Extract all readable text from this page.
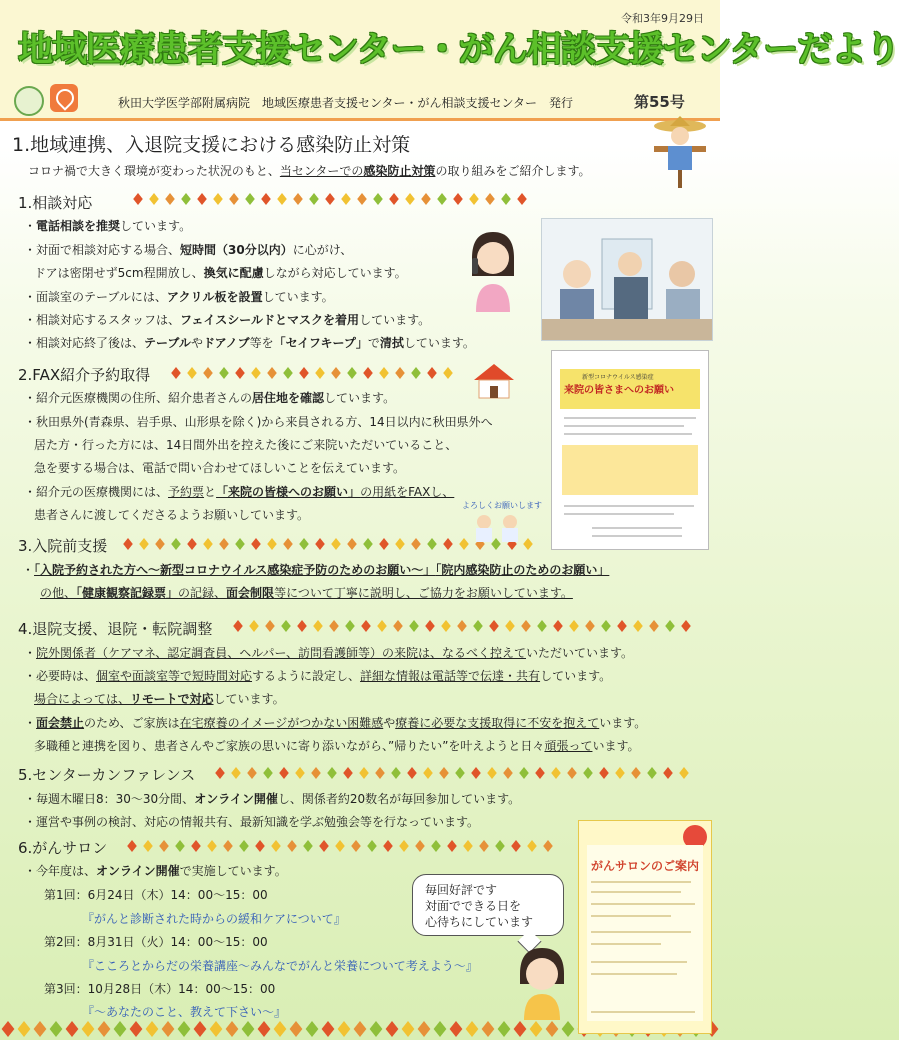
令和3年9月29日
地域医療患者支援センター・がん相談支援センターだより
秋田大学医学部附属病院　地域医療患者支援センター・がん相談支援センター　発行	第55号
1.地域連携、入退院支援における感染防止対策
コロナ禍で大きく環境が変わった状況のもと、当センターでの感染防止対策の取り組みをご紹介します。
1.相談対応
・電話相談を推奨しています。
・対面で相談対応する場合、短時間（30分以内）に心がけ、
ドアは密閉せず5cm程開放し、換気に配慮しながら対応しています。
・面談室のテーブルには、アクリル板を設置しています。
・相談対応するスタッフは、フェイスシールドとマスクを着用しています。
・相談対応終了後は、テーブルやドアノブ等を「セイフキープ」で清拭しています。
2.FAX紹介予約取得
・紹介元医療機関の住所、紹介患者さんの居住地を確認しています。
・秋田県外(青森県、岩手県、山形県を除く)から来員される方、14日以内に秋田県外へ
居た方・行った方には、14日間外出を控えた後にご来院いただいていること、
急を要する場合は、電話で問い合わせてほしいことを伝えています。
・紹介元の医療機関には、予約票と「来院の皆様へのお願い」の用紙をFAXし、
患者さんに渡してくださるようお願いしています。
よろしくお願いします
新型コロナウイルス感染症
来院の皆さまへのお願い
3.入院前支援
・「入院予約された方へ～新型コロナウイルス感染症予防のためのお願い～」「院内感染防止のためのお願い」
の他、「健康観察記録票」の記録、面会制限等について丁寧に説明し、ご協力をお願いしています。
4.退院支援、退院・転院調整
・院外関係者（ケアマネ、認定調査員、ヘルパー、訪問看護師等）の来院は、なるべく控えていただいています。
・必要時は、個室や面談室等で短時間対応するように設定し、詳細な情報は電話等で伝達・共有しています。
場合によっては、リモートで対応しています。
・面会禁止のため、ご家族は在宅療養のイメージがつかない困難感や療養に必要な支援取得に不安を抱えています。
多職種と連携を図り、患者さんやご家族の思いに寄り添いながら、”帰りたい”を叶えようと日々頑張っています。
5.センターカンファレンス
・毎週木曜日8：30～30分間、オンライン開催し、関係者約20数名が毎回参加しています。
・運営や事例の検討、対応の情報共有、最新知識を学ぶ勉強会等を行なっています。
6.がんサロン
・今年度は、オンライン開催で実施しています。
第1回：6月24日（木）14：00～15：00
『がんと診断された時からの緩和ケアについて』
第2回：8月31日（火）14：00～15：00
『こころとからだの栄養講座～みんなでがんと栄養について考えよう～』
第3回：10月28日（木）14：00～15：00
『～あなたのこと、教えて下さい～』
毎回好評です
対面でできる日を
心待ちにしています
がんサロンのご案内
